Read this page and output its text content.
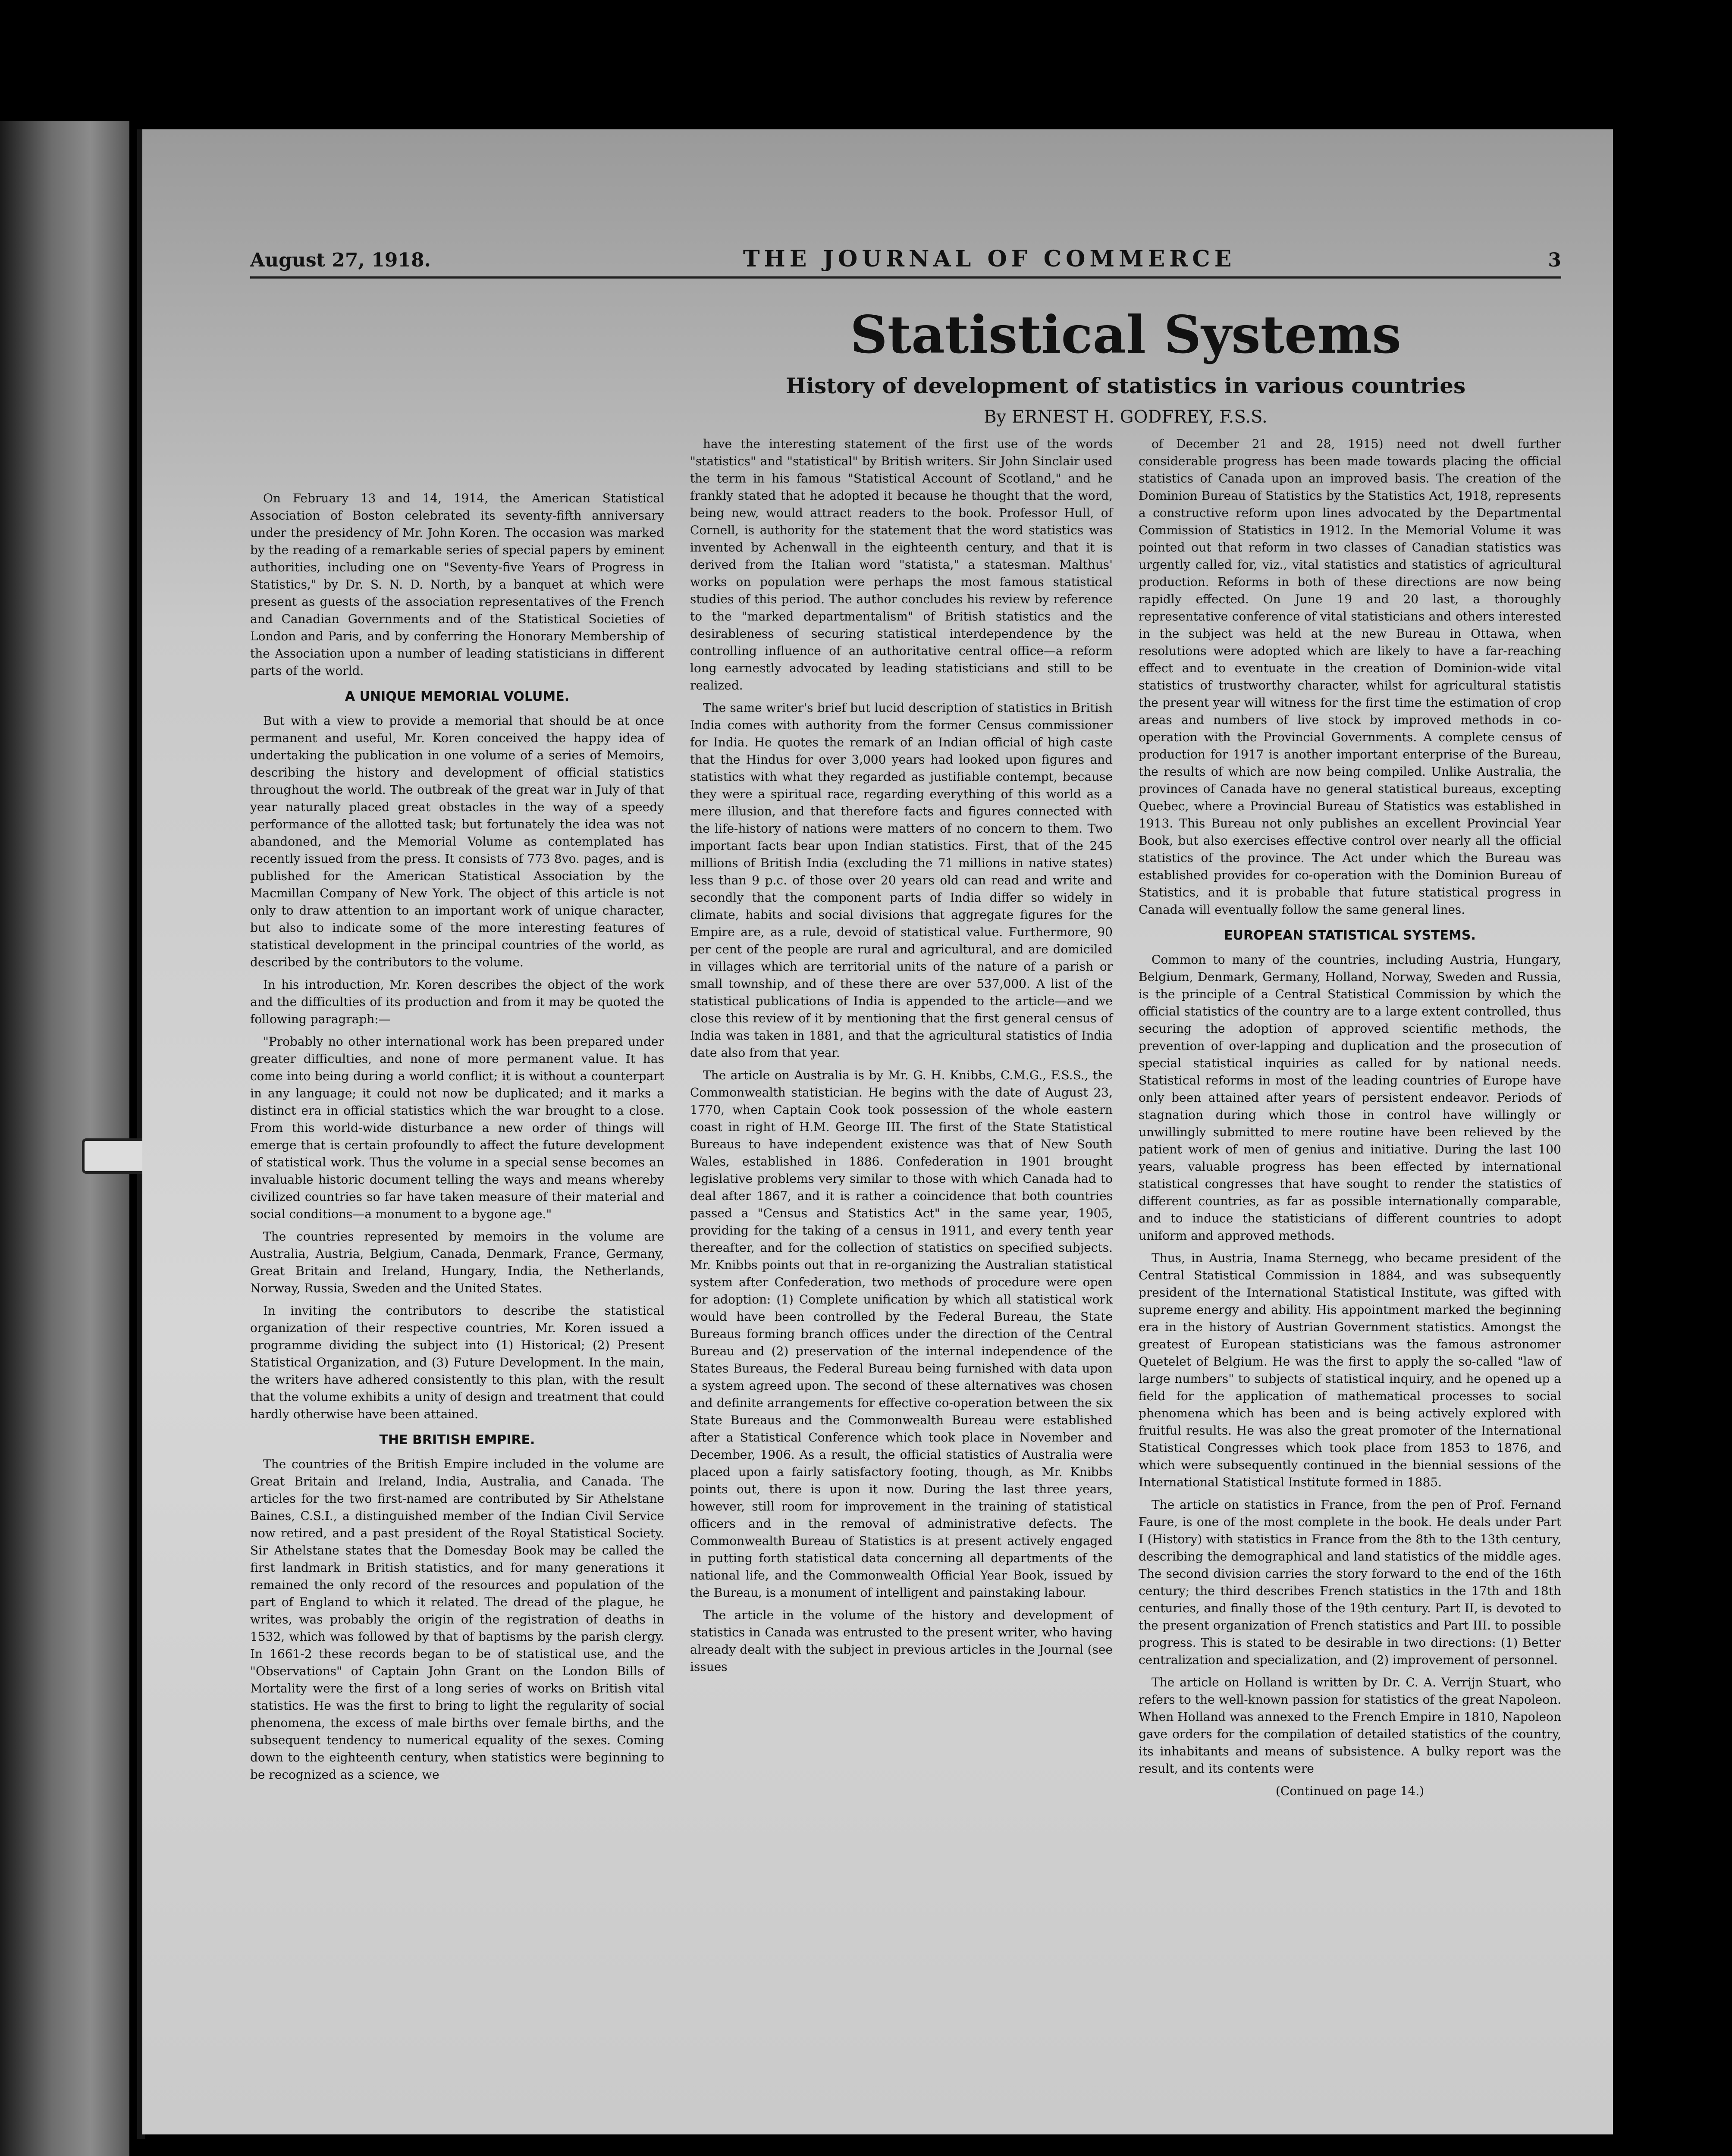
August 27, 1918.	THE JOURNAL OF COMMERCE	3

On February 13 and 14, 1914, the American Statistical Association of Boston celebrated its seventy-fifth anniversary under the presidency of Mr. John Koren. The occasion was marked by the reading of a remarkable series of special papers by eminent authorities, including one on "Seventy-five Years of Progress in Statistics," by Dr. S. N. D. North, by a banquet at which were present as guests of the association representatives of the French and Canadian Governments and of the Statistical Societies of London and Paris, and by conferring the Honorary Membership of the Association upon a number of leading statisticians in different parts of the world.

A UNIQUE MEMORIAL VOLUME.

But with a view to provide a memorial that should be at once permanent and useful, Mr. Koren conceived the happy idea of undertaking the publication in one volume of a series of Memoirs, describing the history and development of official statistics throughout the world. The outbreak of the great war in July of that year naturally placed great obstacles in the way of a speedy performance of the allotted task; but fortunately the idea was not abandoned, and the Memorial Volume as contemplated has recently issued from the press. It consists of 773 8vo. pages, and is published for the American Statistical Association by the Macmillan Company of New York. The object of this article is not only to draw attention to an important work of unique character, but also to indicate some of the more interesting features of statistical development in the principal countries of the world, as described by the contributors to the volume.

In his introduction, Mr. Koren describes the object of the work and the difficulties of its production and from it may be quoted the following paragraph:—

"Probably no other international work has been prepared under greater difficulties, and none of more permanent value. It has come into being during a world conflict; it is without a counterpart in any language; it could not now be duplicated; and it marks a distinct era in official statistics which the war brought to a close. From this world-wide disturbance a new order of things will emerge that is certain profoundly to affect the future development of statistical work. Thus the volume in a special sense becomes an invaluable historic document telling the ways and means whereby civilized countries so far have taken measure of their material and social conditions—a monument to a bygone age."

The countries represented by memoirs in the volume are Australia, Austria, Belgium, Canada, Denmark, France, Germany, Great Britain and Ireland, Hungary, India, the Netherlands, Norway, Russia, Sweden and the United States.

In inviting the contributors to describe the statistical organization of their respective countries, Mr. Koren issued a programme dividing the subject into (1) Historical; (2) Present Statistical Organization, and (3) Future Development. In the main, the writers have adhered consistently to this plan, with the result that the volume exhibits a unity of design and treatment that could hardly otherwise have been attained.

THE BRITISH EMPIRE.

The countries of the British Empire included in the volume are Great Britain and Ireland, India, Australia, and Canada. The articles for the two first-named are contributed by Sir Athelstane Baines, C.S.I., a distinguished member of the Indian Civil Service now retired, and a past president of the Royal Statistical Society. Sir Athelstane states that the Domesday Book may be called the first landmark in British statistics, and for many generations it remained the only record of the resources and population of the part of England to which it related. The dread of the plague, he writes, was probably the origin of the registration of deaths in 1532, which was followed by that of baptisms by the parish clergy. In 1661-2 these records began to be of statistical use, and the "Observations" of Captain John Grant on the London Bills of Mortality were the first of a long series of works on British vital statistics. He was the first to bring to light the regularity of social phenomena, the excess of male births over female births, and the subsequent tendency to numerical equality of the sexes. Coming down to the eighteenth century, when statistics were beginning to be recognized as a science, we

Statistical Systems
History of development of statistics in various countries

By ERNEST H. GODFREY, F.S.S.

have the interesting statement of the first use of the words "statistics" and "statistical" by British writers. Sir John Sinclair used the term in his famous "Statistical Account of Scotland," and he frankly stated that he adopted it because he thought that the word, being new, would attract readers to the book. Professor Hull, of Cornell, is authority for the statement that the word statistics was invented by Achenwall in the eighteenth century, and that it is derived from the Italian word "statista," a statesman. Malthus' works on population were perhaps the most famous statistical studies of this period. The author concludes his review by reference to the "marked departmentalism" of British statistics and the desirableness of securing statistical interdependence by the controlling influence of an authoritative central office—a reform long earnestly advocated by leading statisticians and still to be realized.

The same writer's brief but lucid description of statistics in British India comes with authority from the former Census commissioner for India. He quotes the remark of an Indian official of high caste that the Hindus for over 3,000 years had looked upon figures and statistics with what they regarded as justifiable contempt, because they were a spiritual race, regarding everything of this world as a mere illusion, and that therefore facts and figures connected with the life-history of nations were matters of no concern to them. Two important facts bear upon Indian statistics. First, that of the 245 millions of British India (excluding the 71 millions in native states) less than 9 p.c. of those over 20 years old can read and write and secondly that the component parts of India differ so widely in climate, habits and social divisions that aggregate figures for the Empire are, as a rule, devoid of statistical value. Furthermore, 90 per cent of the people are rural and agricultural, and are domiciled in villages which are territorial units of the nature of a parish or small township, and of these there are over 537,000. A list of the statistical publications of India is appended to the article—and we close this review of it by mentioning that the first general census of India was taken in 1881, and that the agricultural statistics of India date also from that year.

The article on Australia is by Mr. G. H. Knibbs, C.M.G., F.S.S., the Commonwealth statistician. He begins with the date of August 23, 1770, when Captain Cook took possession of the whole eastern coast in right of H.M. George III. The first of the State Statistical Bureaus to have independent existence was that of New South Wales, established in 1886. Confederation in 1901 brought legislative problems very similar to those with which Canada had to deal after 1867, and it is rather a coincidence that both countries passed a "Census and Statistics Act" in the same year, 1905, providing for the taking of a census in 1911, and every tenth year thereafter, and for the collection of statistics on specified subjects. Mr. Knibbs points out that in re-organizing the Australian statistical system after Confederation, two methods of procedure were open for adoption: (1) Complete unification by which all statistical work would have been controlled by the Federal Bureau, the State Bureaus forming branch offices under the direction of the Central Bureau and (2) preservation of the internal independence of the States Bureaus, the Federal Bureau being furnished with data upon a system agreed upon. The second of these alternatives was chosen and definite arrangements for effective co-operation between the six State Bureaus and the Commonwealth Bureau were established after a Statistical Conference which took place in November and December, 1906. As a result, the official statistics of Australia were placed upon a fairly satisfactory footing, though, as Mr. Knibbs points out, there is upon it now. During the last three years, however, still room for improvement in the training of statistical officers and in the removal of administrative defects. The Commonwealth Bureau of Statistics is at present actively engaged in putting forth statistical data concerning all departments of the national life, and the Commonwealth Official Year Book, issued by the Bureau, is a monument of intelligent and painstaking labour.

The article in the volume of the history and development of statistics in Canada was entrusted to the present writer, who having already dealt with the subject in previous articles in the Journal (see issues

of December 21 and 28, 1915) need not dwell further considerable progress has been made towards placing the official statistics of Canada upon an improved basis. The creation of the Dominion Bureau of Statistics by the Statistics Act, 1918, represents a constructive reform upon lines advocated by the Departmental Commission of Statistics in 1912. In the Memorial Volume it was pointed out that reform in two classes of Canadian statistics was urgently called for, viz., vital statistics and statistics of agricultural production. Reforms in both of these directions are now being rapidly effected. On June 19 and 20 last, a thoroughly representative conference of vital statisticians and others interested in the subject was held at the new Bureau in Ottawa, when resolutions were adopted which are likely to have a far-reaching effect and to eventuate in the creation of Dominion-wide vital statistics of trustworthy character, whilst for agricultural statistis the present year will witness for the first time the estimation of crop areas and numbers of live stock by improved methods in co-operation with the Provincial Governments. A complete census of production for 1917 is another important enterprise of the Bureau, the results of which are now being compiled. Unlike Australia, the provinces of Canada have no general statistical bureaus, excepting Quebec, where a Provincial Bureau of Statistics was established in 1913. This Bureau not only publishes an excellent Provincial Year Book, but also exercises effective control over nearly all the official statistics of the province. The Act under which the Bureau was established provides for co-operation with the Dominion Bureau of Statistics, and it is probable that future statistical progress in Canada will eventually follow the same general lines.

EUROPEAN STATISTICAL SYSTEMS.

Common to many of the countries, including Austria, Hungary, Belgium, Denmark, Germany, Holland, Norway, Sweden and Russia, is the principle of a Central Statistical Commission by which the official statistics of the country are to a large extent controlled, thus securing the adoption of approved scientific methods, the prevention of over-lapping and duplication and the prosecution of special statistical inquiries as called for by national needs. Statistical reforms in most of the leading countries of Europe have only been attained after years of persistent endeavor. Periods of stagnation during which those in control have willingly or unwillingly submitted to mere routine have been relieved by the patient work of men of genius and initiative. During the last 100 years, valuable progress has been effected by international statistical congresses that have sought to render the statistics of different countries, as far as possible internationally comparable, and to induce the statisticians of different countries to adopt uniform and approved methods.

Thus, in Austria, Inama Sternegg, who became president of the Central Statistical Commission in 1884, and was subsequently president of the International Statistical Institute, was gifted with supreme energy and ability. His appointment marked the beginning era in the history of Austrian Government statistics. Amongst the greatest of European statisticians was the famous astronomer Quetelet of Belgium. He was the first to apply the so-called "law of large numbers" to subjects of statistical inquiry, and he opened up a field for the application of mathematical processes to social phenomena which has been and is being actively explored with fruitful results. He was also the great promoter of the International Statistical Congresses which took place from 1853 to 1876, and which were subsequently continued in the biennial sessions of the International Statistical Institute formed in 1885.

The article on statistics in France, from the pen of Prof. Fernand Faure, is one of the most complete in the book. He deals under Part I (History) with statistics in France from the 8th to the 13th century, describing the demographical and land statistics of the middle ages. The second division carries the story forward to the end of the 16th century; the third describes French statistics in the 17th and 18th centuries, and finally those of the 19th century. Part II, is devoted to the present organization of French statistics and Part III. to possible progress. This is stated to be desirable in two directions: (1) Better centralization and specialization, and (2) improvement of personnel.

The article on Holland is written by Dr. C. A. Verrijn Stuart, who refers to the well-known passion for statistics of the great Napoleon. When Holland was annexed to the French Empire in 1810, Napoleon gave orders for the compilation of detailed statistics of the country, its inhabitants and means of subsistence. A bulky report was the result, and its contents were

(Continued on page 14.)
